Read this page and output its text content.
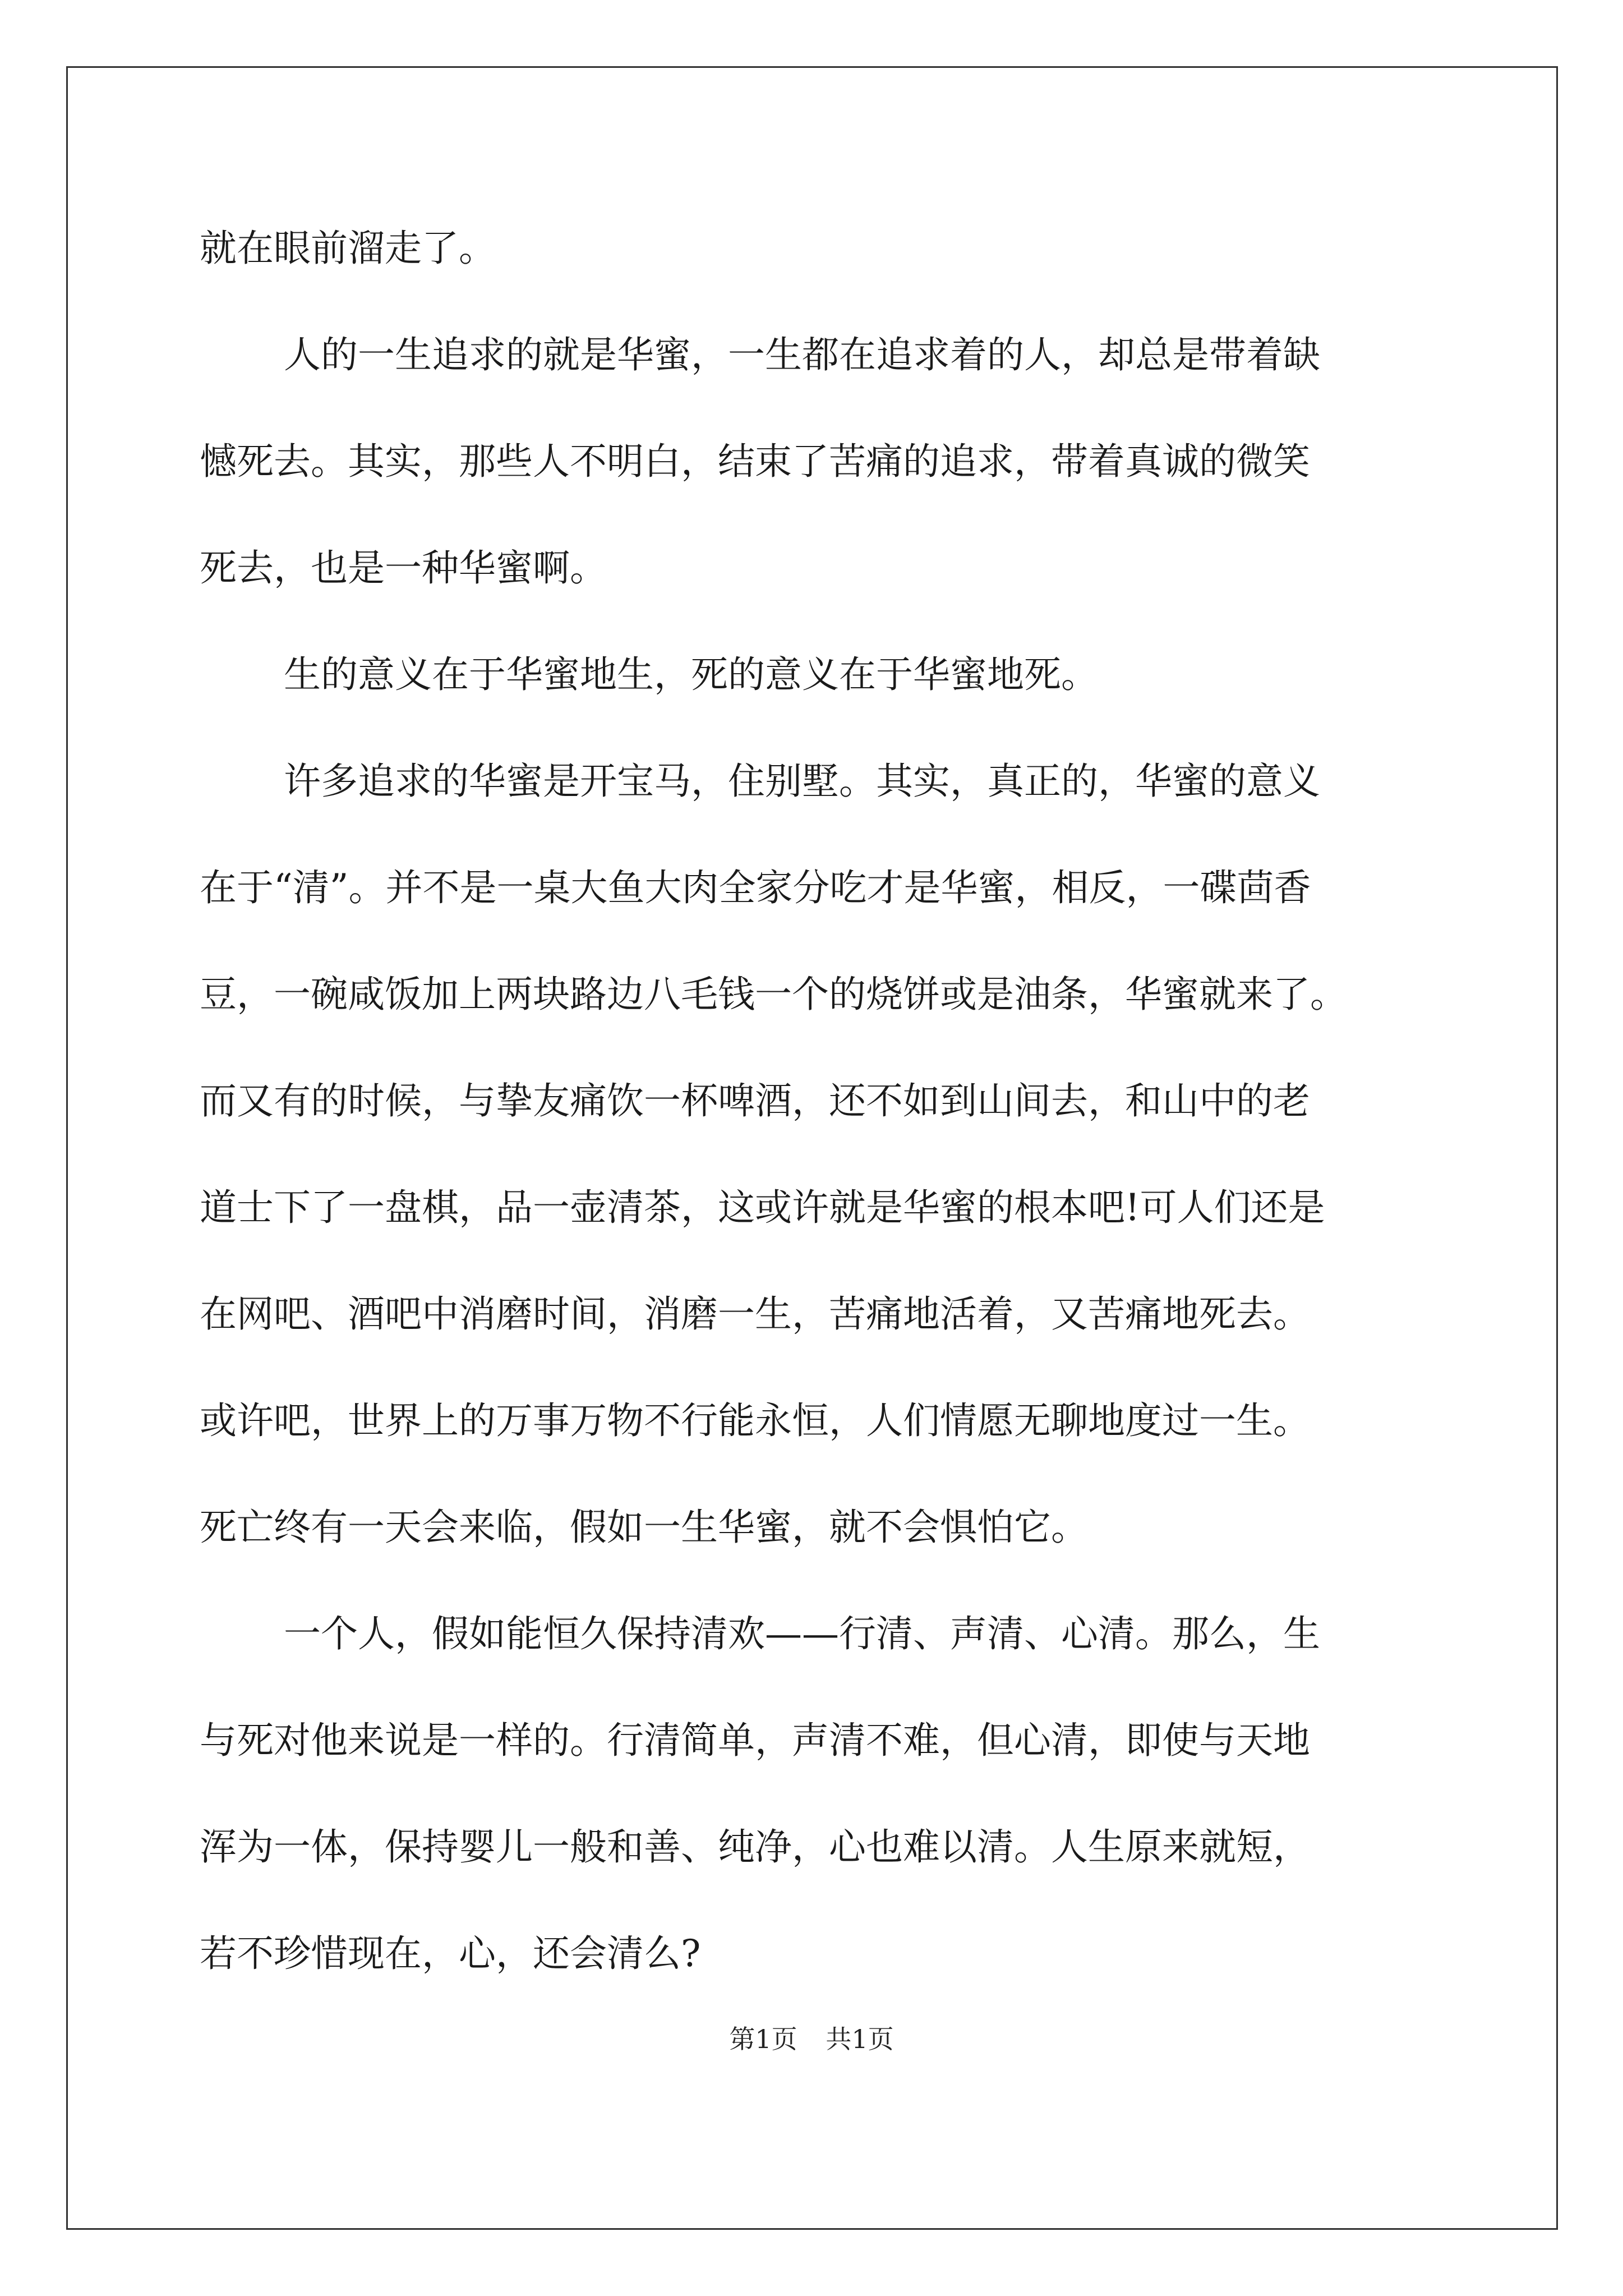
就在眼前溜走了。
人的一生追求的就是华蜜，一生都在追求着的人，却总是带着缺
憾死去。其实，那些人不明白，结束了苦痛的追求，带着真诚的微笑
死去，也是一种华蜜啊。
生的意义在于华蜜地生，死的意义在于华蜜地死。
许多追求的华蜜是开宝马，住别墅。其实，真正的，华蜜的意义
在于“清”。并不是一桌大鱼大肉全家分吃才是华蜜，相反，一碟茴香
豆，一碗咸饭加上两块路边八毛钱一个的烧饼或是油条，华蜜就来了。
而又有的时候，与挚友痛饮一杯啤酒，还不如到山间去，和山中的老
道士下了一盘棋，品一壶清茶，这或许就是华蜜的根本吧!可人们还是
在网吧、酒吧中消磨时间，消磨一生，苦痛地活着，又苦痛地死去。
或许吧，世界上的万事万物不行能永恒，人们情愿无聊地度过一生。
死亡终有一天会来临，假如一生华蜜，就不会惧怕它。
一个人，假如能恒久保持清欢——行清、声清、心清。那么，生
与死对他来说是一样的。行清简单，声清不难，但心清，即使与天地
浑为一体，保持婴儿一般和善、纯净，心也难以清。人生原来就短，
若不珍惜现在，心，还会清么?
第1页 共1页
